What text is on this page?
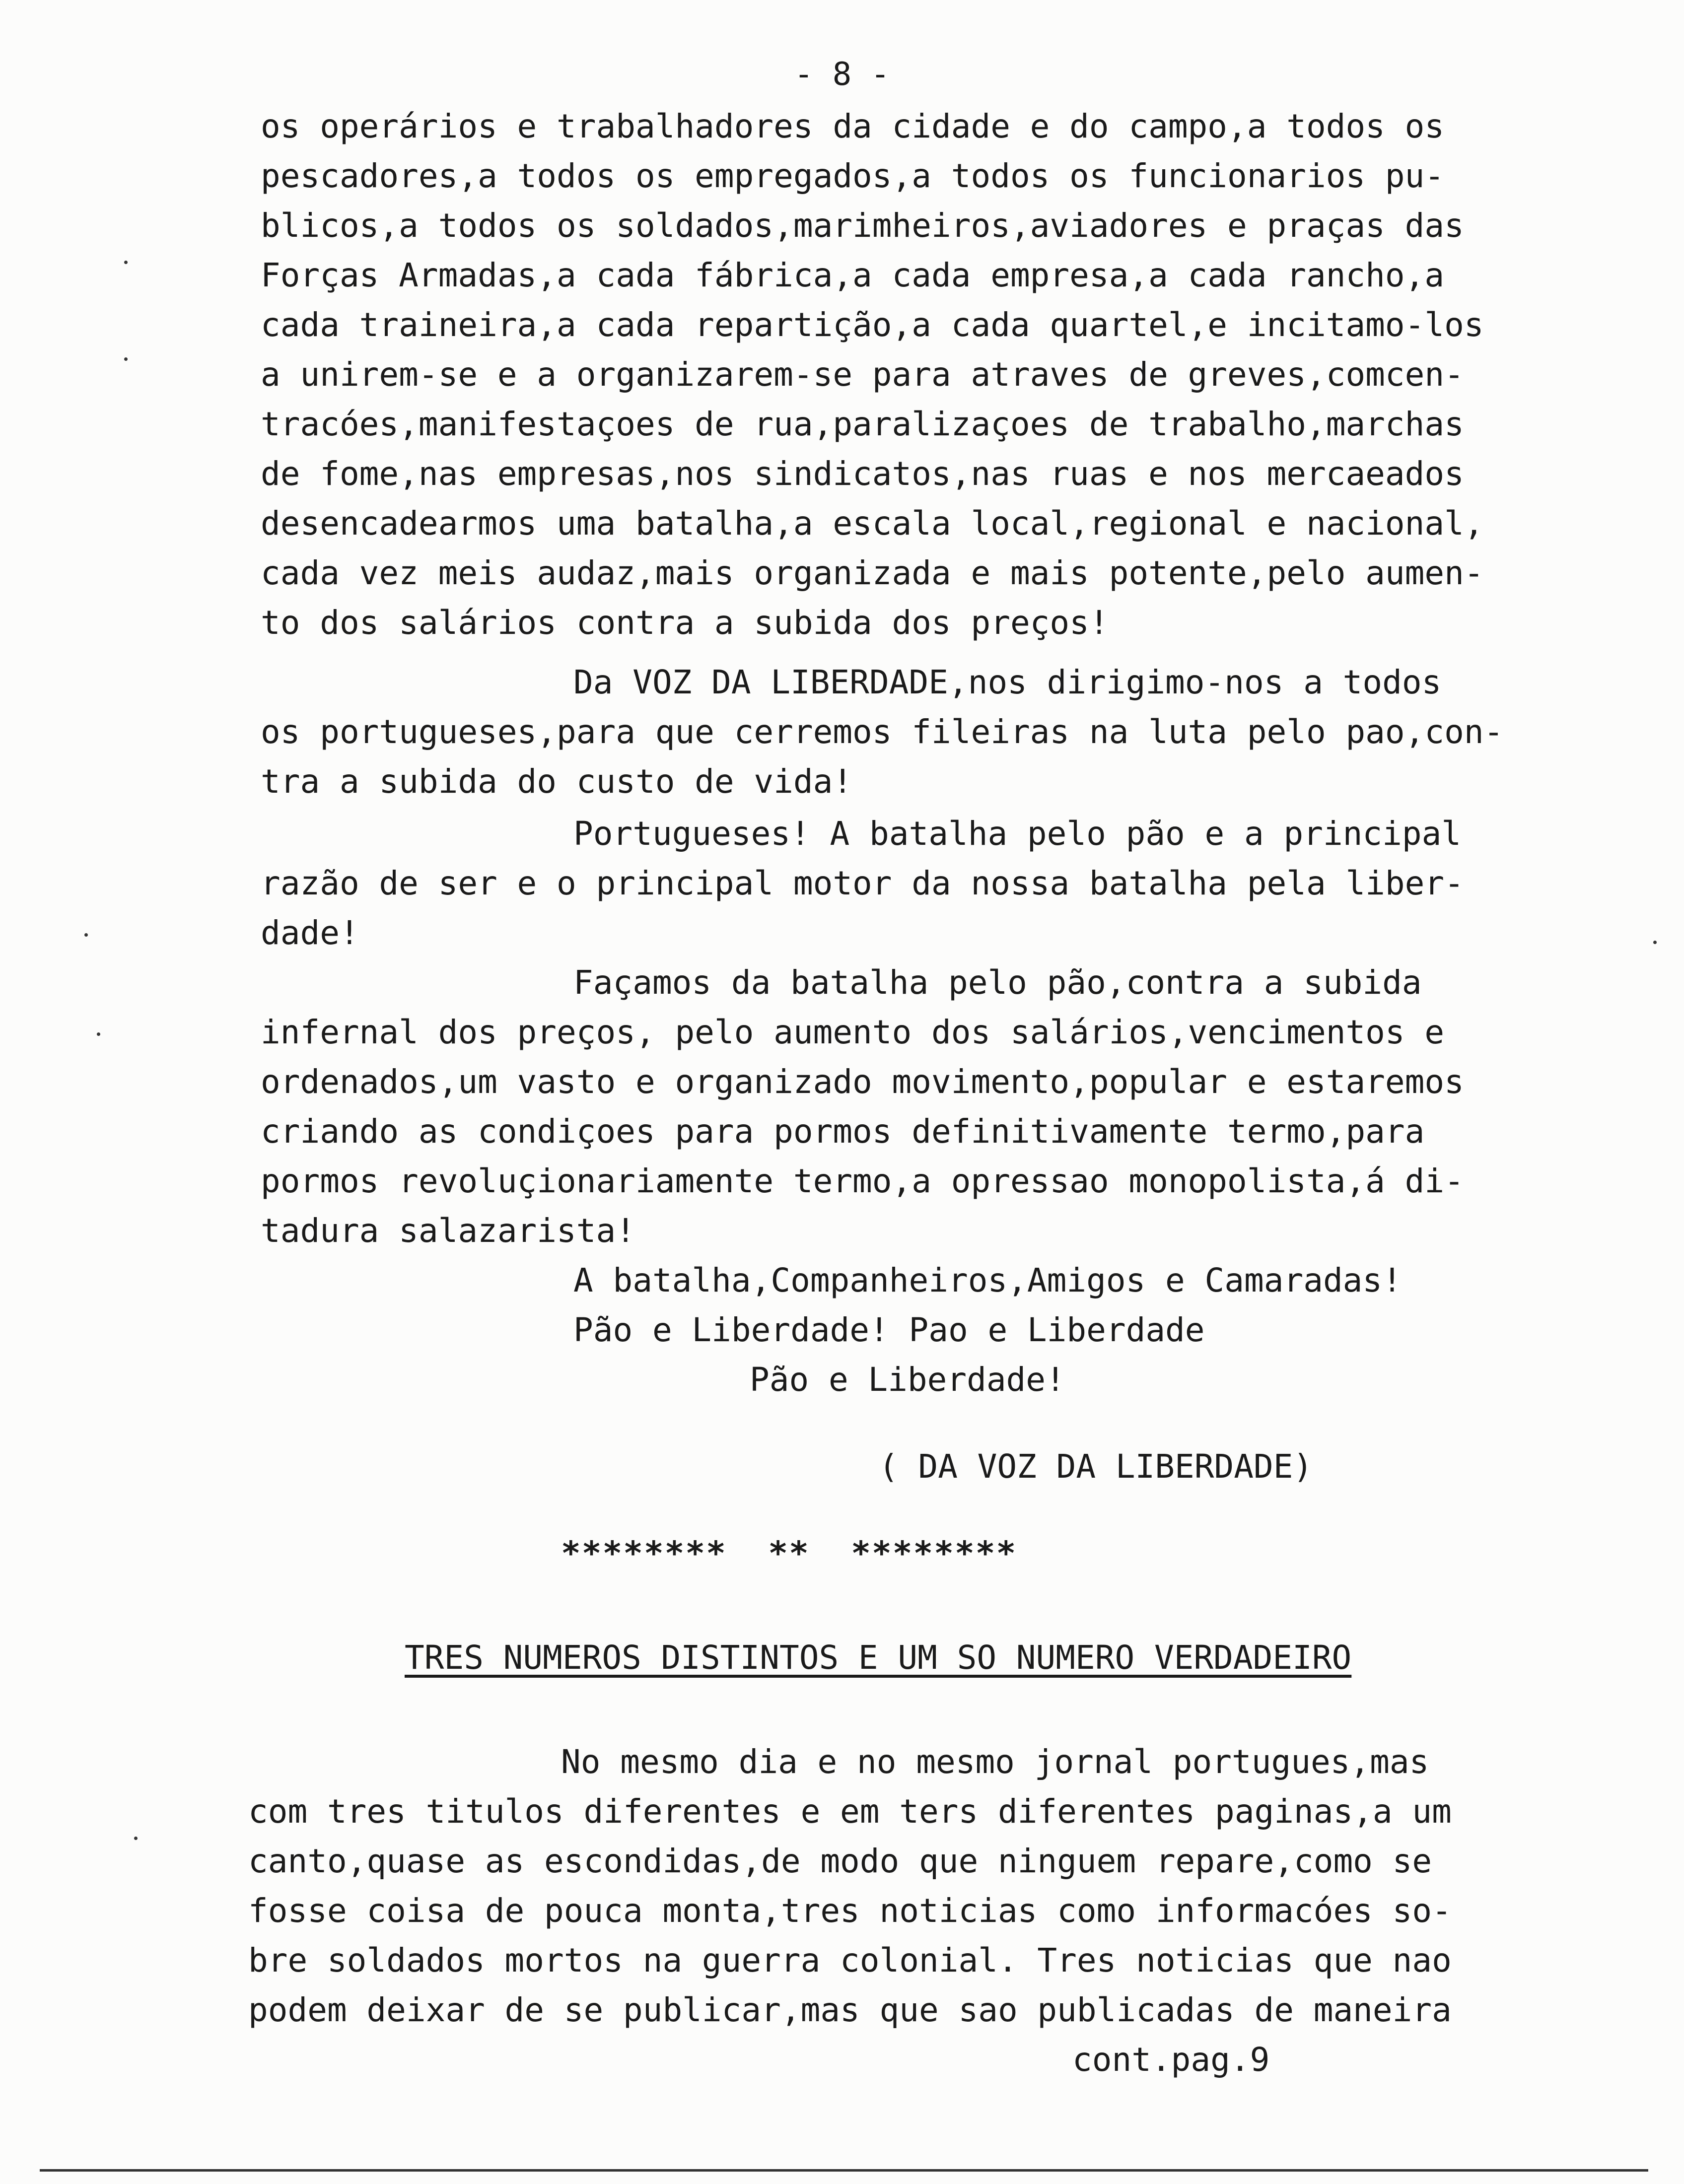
- 8 -

os operários e trabalhadores da cidade e do campo,a todos os

pescadores,a todos os empregados,a todos os funcionarios pu-

blicos,a todos os soldados,marimheiros,aviadores e praças das

Forças Armadas,a cada fábrica,a cada empresa,a cada rancho,a

cada traineira,a cada repartição,a cada quartel,e incitamo-los

a unirem-se e a organizarem-se para atraves de greves,comcen-

tracóes,manifestaçoes de rua,paralizaçoes de trabalho,marchas

de fome,nas empresas,nos sindicatos,nas ruas e nos mercaeados

desencadearmos uma batalha,a escala local,regional e nacional,

cada vez meis audaz,mais organizada e mais potente,pelo aumen-

to dos salários contra a subida dos preços!

Da VOZ DA LIBERDADE,nos dirigimo-nos a todos

os portugueses,para que cerremos fileiras na luta pelo pao,con-

tra a subida do custo de vida!

Portugueses! A batalha pelo pão e a principal

razão de ser e o principal motor da nossa batalha pela liber-

dade!

Façamos da batalha pelo pão,contra a subida

infernal dos preços, pelo aumento dos salários,vencimentos e

ordenados,um vasto e organizado movimento,popular e estaremos

criando as condiçoes para pormos definitivamente termo,para

pormos revoluçionariamente termo,a opressao monopolista,á di-

tadura salazarista!

A batalha,Companheiros,Amigos e Camaradas!

Pão e Liberdade! Pao e Liberdade

Pão e Liberdade!

( DA VOZ DA LIBERDADE)
********  **  ********
TRES NUMEROS DISTINTOS E UM SO NUMERO VERDADEIRO

No mesmo dia e no mesmo jornal portugues,mas

com tres titulos diferentes e em ters diferentes paginas,a um

canto,quase as escondidas,de modo que ninguem repare,como se

fosse coisa de pouca monta,tres noticias como informacóes so-

bre soldados mortos na guerra colonial. Tres noticias que nao

podem deixar de se publicar,mas que sao publicadas de maneira

cont.pag.9
